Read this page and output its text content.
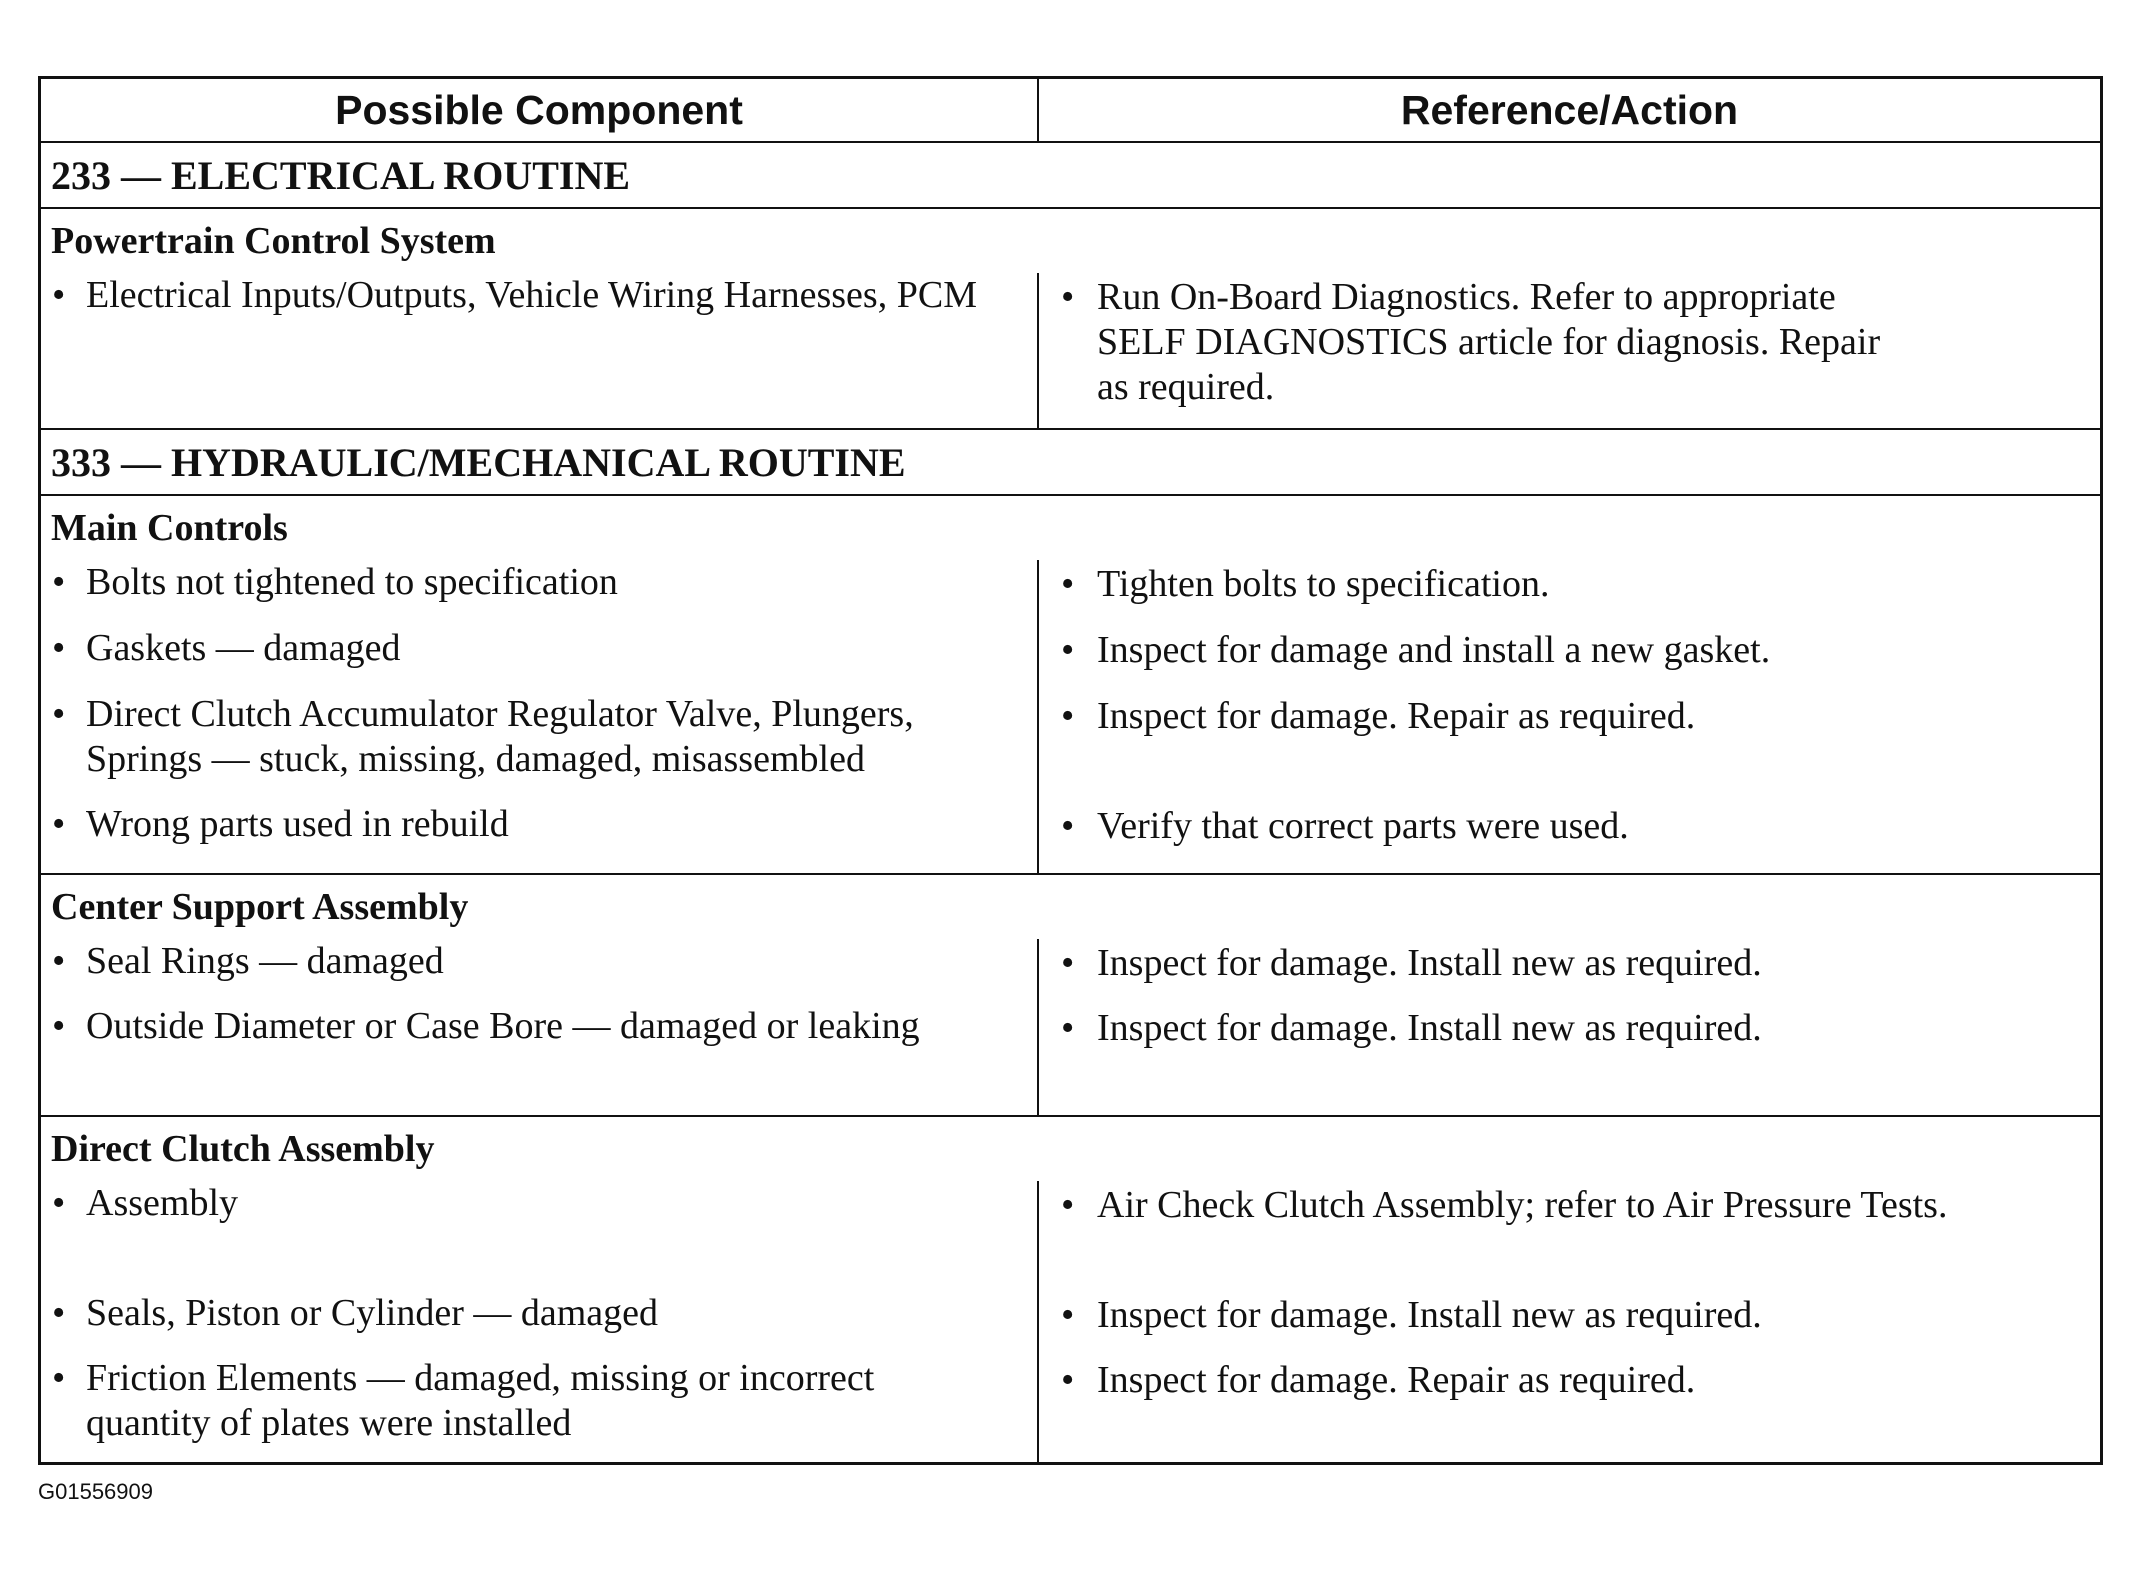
Possible Component	Reference/Action
233 — ELECTRICAL ROUTINE
Powertrain Control System
• Electrical Inputs/Outputs, Vehicle Wiring Harnesses, PCM	• Run On-Board Diagnostics. Refer to appropriate SELF DIAGNOSTICS article for diagnosis. Repair as required.
333 — HYDRAULIC/MECHANICAL ROUTINE
Main Controls
• Bolts not tightened to specification
• Gaskets — damaged
• Direct Clutch Accumulator Regulator Valve, Plungers, Springs — stuck, missing, damaged, misassembled
• Wrong parts used in rebuild
• Tighten bolts to specification.
• Inspect for damage and install a new gasket.
• Inspect for damage. Repair as required.
• Verify that correct parts were used.
Center Support Assembly
• Seal Rings — damaged
• Outside Diameter or Case Bore — damaged or leaking
• Inspect for damage. Install new as required.
• Inspect for damage. Install new as required.
Direct Clutch Assembly
• Assembly
• Seals, Piston or Cylinder — damaged
• Friction Elements — damaged, missing or incorrect quantity of plates were installed
• Air Check Clutch Assembly; refer to Air Pressure Tests.
• Inspect for damage. Install new as required.
• Inspect for damage. Repair as required.
G01556909
